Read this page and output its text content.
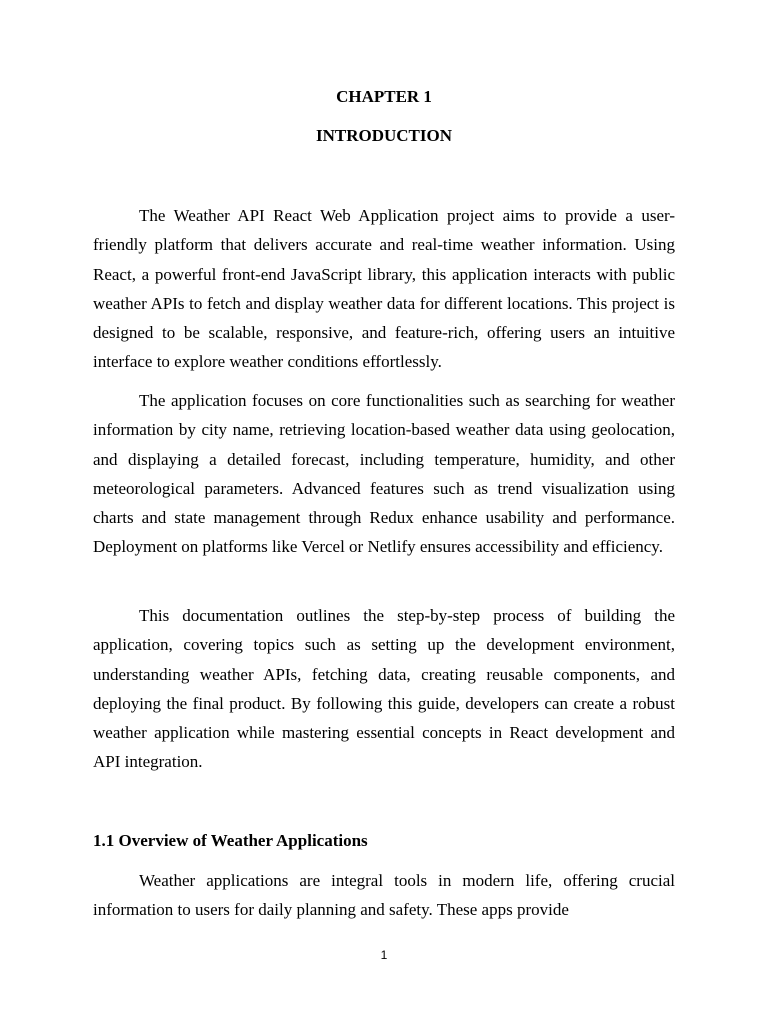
CHAPTER 1
INTRODUCTION

The Weather API React Web Application project aims to provide a user-friendly platform that delivers accurate and real-time weather information. Using React, a powerful front-end JavaScript library, this application interacts with public weather APIs to fetch and display weather data for different locations. This project is designed to be scalable, responsive, and feature-rich, offering users an intuitive interface to explore weather conditions effortlessly.

The application focuses on core functionalities such as searching for weather information by city name, retrieving location-based weather data using geolocation, and displaying a detailed forecast, including temperature, humidity, and other meteorological parameters. Advanced features such as trend visualization using charts and state management through Redux enhance usability and performance. Deployment on platforms like Vercel or Netlify ensures accessibility and efficiency.

This documentation outlines the step-by-step process of building the application, covering topics such as setting up the development environment, understanding weather APIs, fetching data, creating reusable components, and deploying the final product. By following this guide, developers can create a robust weather application while mastering essential concepts in React development and API integration.

1.1 Overview of Weather Applications

Weather applications are integral tools in modern life, offering crucial information to users for daily planning and safety. These apps provide

1
